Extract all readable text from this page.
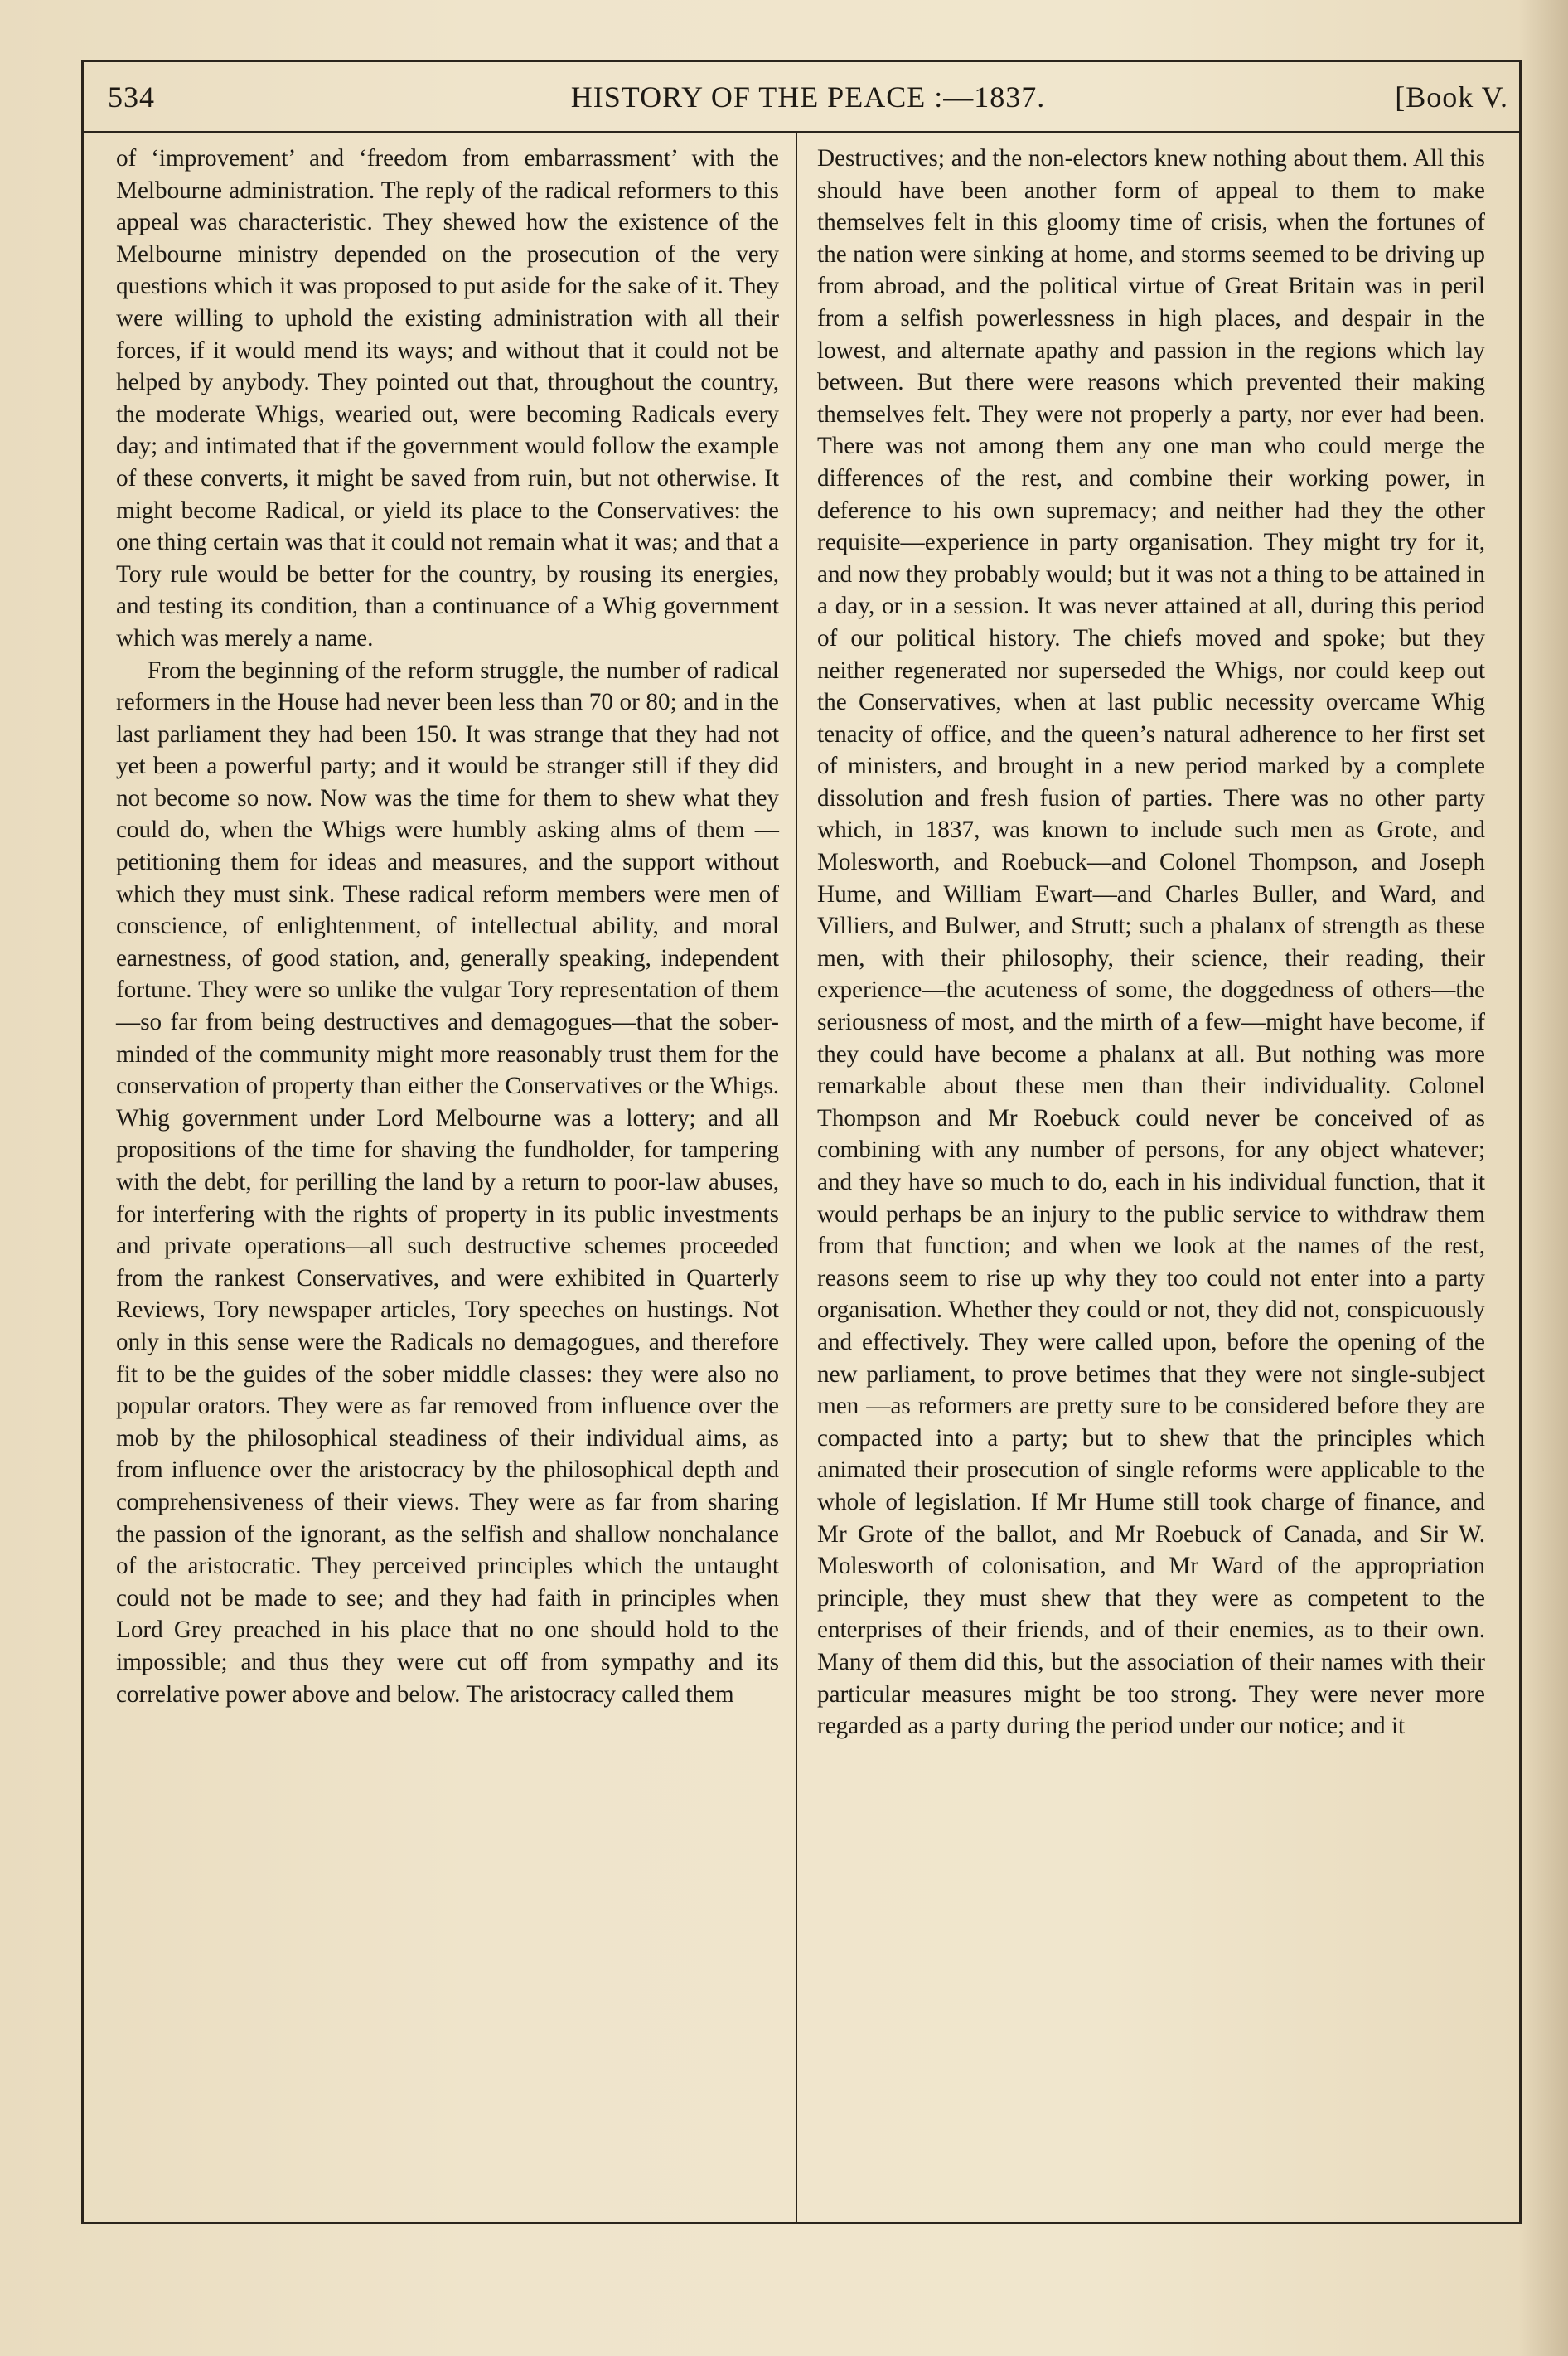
534	HISTORY OF THE PEACE :—1837.	[Book V.

of ‘improvement’ and ‘freedom from embarrassment’ with the Melbourne administration. The reply of the radical reformers to this appeal was characteristic. They shewed how the existence of the Melbourne ministry depended on the prosecution of the very questions which it was proposed to put aside for the sake of it. They were willing to uphold the existing administration with all their forces, if it would mend its ways; and without that it could not be helped by anybody. They pointed out that, throughout the country, the moderate Whigs, wearied out, were becoming Radicals every day; and intimated that if the government would follow the example of these converts, it might be saved from ruin, but not otherwise. It might become Radical, or yield its place to the Conservatives: the one thing certain was that it could not remain what it was; and that a Tory rule would be better for the country, by rousing its energies, and testing its condition, than a continuance of a Whig government which was merely a name.

From the beginning of the reform struggle, the number of radical reformers in the House had never been less than 70 or 80; and in the last parliament they had been 150. It was strange that they had not yet been a powerful party; and it would be stranger still if they did not become so now. Now was the time for them to shew what they could do, when the Whigs were humbly asking alms of them —petitioning them for ideas and measures, and the support without which they must sink. These radical reform members were men of conscience, of enlightenment, of intellectual ability, and moral earnestness, of good station, and, generally speaking, independent fortune. They were so unlike the vulgar Tory representation of them—so far from being destructives and demagogues—that the sober-minded of the community might more reasonably trust them for the conservation of property than either the Conservatives or the Whigs. Whig government under Lord Melbourne was a lottery; and all propositions of the time for shaving the fundholder, for tampering with the debt, for perilling the land by a return to poor-law abuses, for interfering with the rights of property in its public investments and private operations—all such destructive schemes proceeded from the rankest Conservatives, and were exhibited in Quarterly Reviews, Tory newspaper articles, Tory speeches on hustings. Not only in this sense were the Radicals no demagogues, and therefore fit to be the guides of the sober middle classes: they were also no popular orators. They were as far removed from influence over the mob by the philosophical steadiness of their individual aims, as from influence over the aristocracy by the philosophical depth and comprehensiveness of their views. They were as far from sharing the passion of the ignorant, as the selfish and shallow nonchalance of the aristocratic. They perceived principles which the untaught could not be made to see; and they had faith in principles when Lord Grey preached in his place that no one should hold to the impossible; and thus they were cut off from sympathy and its correlative power above and below. The aristocracy called them

Destructives; and the non-electors knew nothing about them. All this should have been another form of appeal to them to make themselves felt in this gloomy time of crisis, when the fortunes of the nation were sinking at home, and storms seemed to be driving up from abroad, and the political virtue of Great Britain was in peril from a selfish powerlessness in high places, and despair in the lowest, and alternate apathy and passion in the regions which lay between. But there were reasons which prevented their making themselves felt. They were not properly a party, nor ever had been. There was not among them any one man who could merge the differences of the rest, and combine their working power, in deference to his own supremacy; and neither had they the other requisite—experience in party organisation. They might try for it, and now they probably would; but it was not a thing to be attained in a day, or in a session. It was never attained at all, during this period of our political history. The chiefs moved and spoke; but they neither regenerated nor superseded the Whigs, nor could keep out the Conservatives, when at last public necessity overcame Whig tenacity of office, and the queen’s natural adherence to her first set of ministers, and brought in a new period marked by a complete dissolution and fresh fusion of parties. There was no other party which, in 1837, was known to include such men as Grote, and Molesworth, and Roebuck—and Colonel Thompson, and Joseph Hume, and William Ewart—and Charles Buller, and Ward, and Villiers, and Bulwer, and Strutt; such a phalanx of strength as these men, with their philosophy, their science, their reading, their experience—the acuteness of some, the doggedness of others—the seriousness of most, and the mirth of a few—might have become, if they could have become a phalanx at all. But nothing was more remarkable about these men than their individuality. Colonel Thompson and Mr Roebuck could never be conceived of as combining with any number of persons, for any object whatever; and they have so much to do, each in his individual function, that it would perhaps be an injury to the public service to withdraw them from that function; and when we look at the names of the rest, reasons seem to rise up why they too could not enter into a party organisation. Whether they could or not, they did not, conspicuously and effectively. They were called upon, before the opening of the new parliament, to prove betimes that they were not single-subject men —as reformers are pretty sure to be considered before they are compacted into a party; but to shew that the principles which animated their prosecution of single reforms were applicable to the whole of legislation. If Mr Hume still took charge of finance, and Mr Grote of the ballot, and Mr Roebuck of Canada, and Sir W. Molesworth of colonisation, and Mr Ward of the appropriation principle, they must shew that they were as competent to the enterprises of their friends, and of their enemies, as to their own. Many of them did this, but the association of their names with their particular measures might be too strong. They were never more regarded as a party during the period under our notice; and it
